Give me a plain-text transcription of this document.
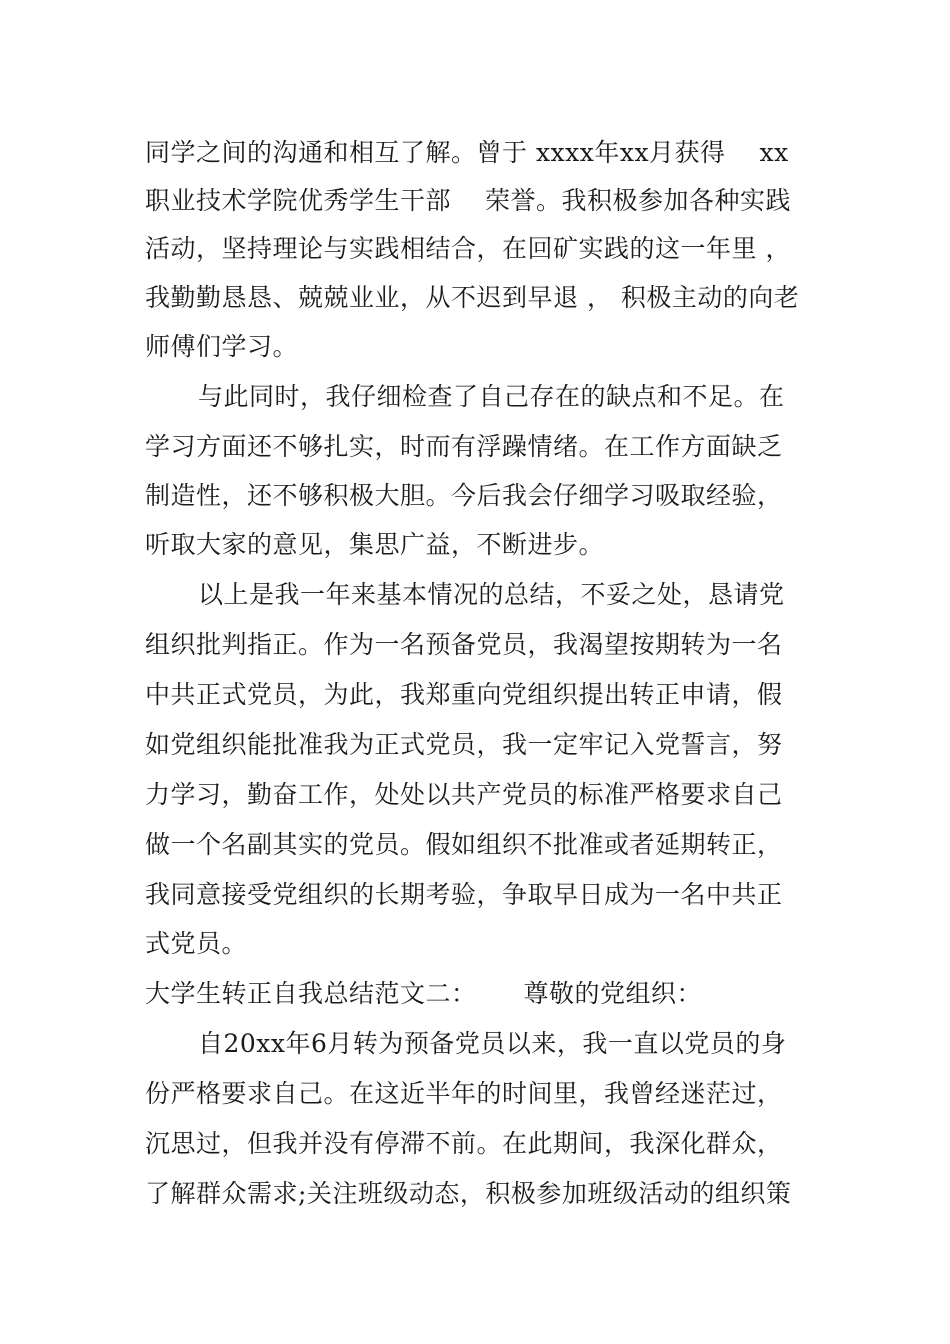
同学之间的沟通和相互了解。曾于 xxxx年xx月获得　 xx
职业技术学院优秀学生干部　 荣誉。我积极参加各种实践
活动，坚持理论与实践相结合，在回矿实践的这一年里 ，
我勤勤恳恳、兢兢业业，从不迟到早退 ， 积极主动的向老
师傅们学习。
与此同时，我仔细检查了自己存在的缺点和不足。在
学习方面还不够扎实，时而有浮躁情绪。在工作方面缺乏
制造性，还不够积极大胆。今后我会仔细学习吸取经验，
听取大家的意见，集思广益，不断进步。
以上是我一年来基本情况的总结，不妥之处，恳请党
组织批判指正。作为一名预备党员，我渴望按期转为一名
中共正式党员，为此，我郑重向党组织提出转正申请，假
如党组织能批准我为正式党员，我一定牢记入党誓言，努
力学习，勤奋工作，处处以共产党员的标准严格要求自己
做一个名副其实的党员。假如组织不批准或者延期转正，
我同意接受党组织的长期考验，争取早日成为一名中共正
式党员。
大学生转正自我总结范文二：　　 尊敬的党组织：
自20xx年6月转为预备党员以来，我一直以党员的身
份严格要求自己。在这近半年的时间里，我曾经迷茫过，
沉思过，但我并没有停滞不前。在此期间，我深化群众，
了解群众需求;关注班级动态，积极参加班级活动的组织策
